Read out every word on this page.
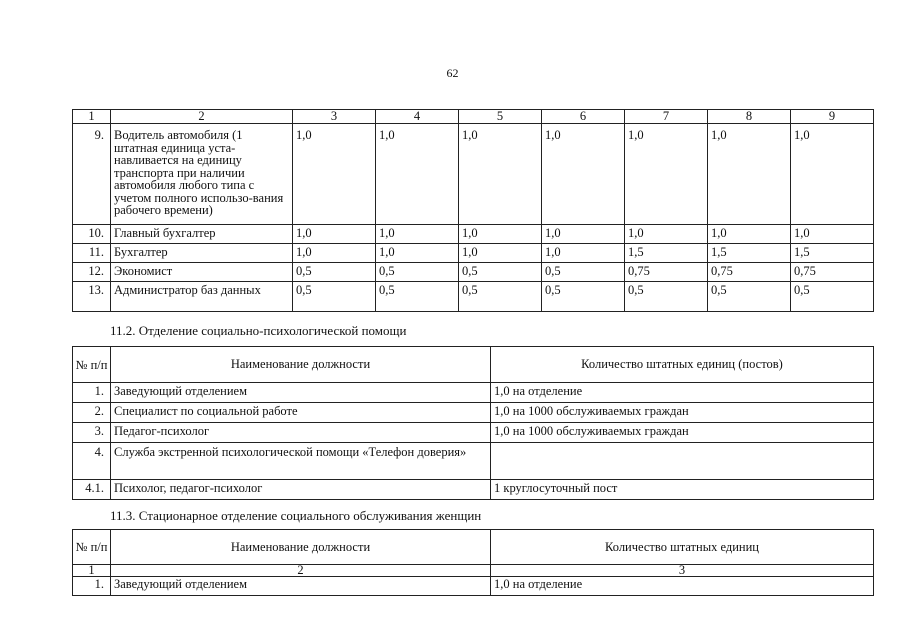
62
1	2	3	4	5	6	7	8	9
9.	Водитель автомобиля (1 штатная единица уста-навливается на единицу транспорта при наличии автомобиля любого типа с учетом полного использо-вания рабочего времени)	1,0	1,0	1,0	1,0	1,0	1,0	1,0
10.	Главный бухгалтер	1,0	1,0	1,0	1,0	1,0	1,0	1,0
11.	Бухгалтер	1,0	1,0	1,0	1,0	1,5	1,5	1,5
12.	Экономист	0,5	0,5	0,5	0,5	0,75	0,75	0,75
13.	Администратор баз данных	0,5	0,5	0,5	0,5	0,5	0,5	0,5
11.2. Отделение социально-психологической помощи
№ п/п	Наименование должности	Количество штатных единиц (постов)
1.	Заведующий отделением	1,0 на отделение
2.	Специалист по социальной работе	1,0 на 1000 обслуживаемых граждан
3.	Педагог-психолог	1,0 на 1000 обслуживаемых граждан
4.	Служба экстренной психологической помощи «Телефон доверия»	
4.1.	Психолог, педагог-психолог	1 круглосуточный пост
11.3. Стационарное отделение социального обслуживания женщин
№ п/п	Наименование должности	Количество штатных единиц
1	2	3
1.	Заведующий отделением	1,0 на отделение
